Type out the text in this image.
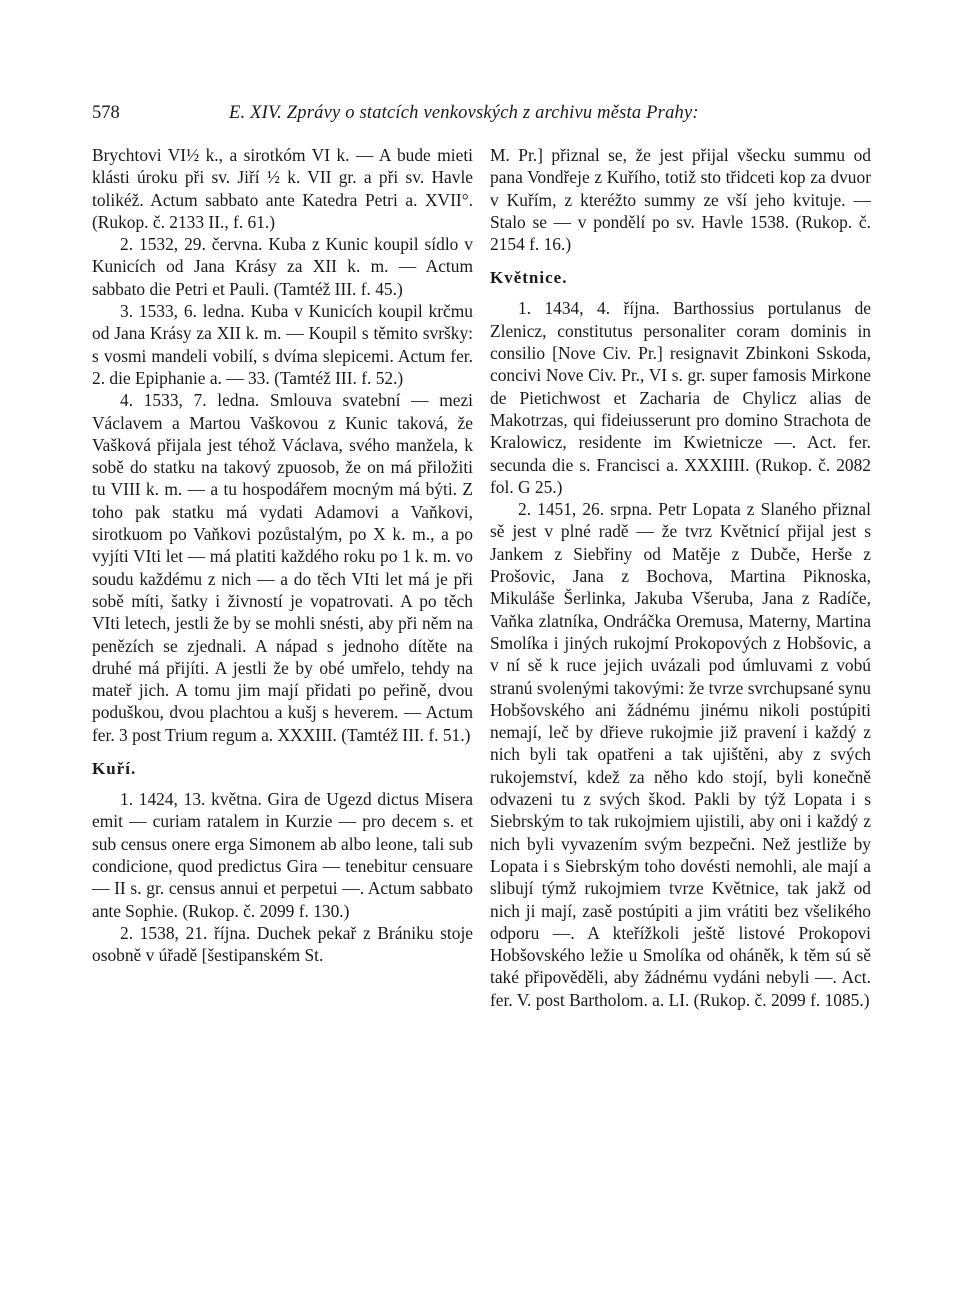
578	E. XIV. Zprávy o statcích venkovských z archivu města Prahy:

Brychtovi VI½ k., a sirotkóm VI k. — A bude mieti klásti úroku při sv. Jiří ½ k. VII gr. a při sv. Havle tolikéž. Actum sabbato ante Katedra Petri a. XVII°. (Rukop. č. 2133 II., f. 61.)

2. 1532, 29. června. Kuba z Kunic koupil sídlo v Kunicích od Jana Krásy za XII k. m. — Actum sabbato die Petri et Pauli. (Tamtéž III. f. 45.)

3. 1533, 6. ledna. Kuba v Kunicích koupil krčmu od Jana Krásy za XII k. m. — Koupil s těmito svršky: s vosmi mandeli vobilí, s dvíma slepicemi. Actum fer. 2. die Epiphanie a. — 33. (Tamtéž III. f. 52.)

4. 1533, 7. ledna. Smlouva svatební — mezi Václavem a Martou Vaškovou z Kunic taková, že Vašková přijala jest téhož Václava, svého manžela, k sobě do statku na takový zpuosob, že on má přiložiti tu VIII k. m. — a tu hospodářem mocným má býti. Z toho pak statku má vydati Adamovi a Vaňkovi, sirotkuom po Vaňkovi pozůstalým, po X k. m., a po vyjíti VIti let — má platiti každého roku po 1 k. m. vo soudu každému z nich — a do těch VIti let má je při sobě míti, šatky i živností je vopatrovati. A po těch VIti letech, jestli že by se mohli snésti, aby při něm na penězích se zjednali. A nápad s jednoho dítěte na druhé má přijíti. A jestli že by obé umřelo, tehdy na mateř jich. A tomu jim mají přidati po peřině, dvou poduškou, dvou plachtou a kušj s heverem. — Actum fer. 3 post Trium regum a. XXXIII. (Tamtéž III. f. 51.)

Kuří.

1. 1424, 13. května. Gira de Ugezd dictus Misera emit — curiam ratalem in Kurzie — pro decem s. et sub census onere erga Simonem ab albo leone, tali sub condicione, quod predictus Gira — tenebitur censuare — II s. gr. census annui et perpetui —. Actum sabbato ante Sophie. (Rukop. č. 2099 f. 130.)

2. 1538, 21. října. Duchek pekař z Brániku stoje osobně v úřadě [šestipanském St.

M. Pr.] přiznal se, že jest přijal všecku summu od pana Vondřeje z Kuřího, totiž sto třidceti kop za dvuor v Kuřím, z kteréžto summy ze vší jeho kvituje. — Stalo se — v pondělí po sv. Havle 1538. (Rukop. č. 2154 f. 16.)

Květnice.

1. 1434, 4. října. Barthossius portulanus de Zlenicz, constitutus personaliter coram dominis in consilio [Nove Civ. Pr.] resignavit Zbinkoni Sskoda, concivi Nove Civ. Pr., VI s. gr. super famosis Mirkone de Pietichwost et Zacharia de Chylicz alias de Makotrzas, qui fideiusserunt pro domino Strachota de Kralowicz, residente im Kwietnicze —. Act. fer. secunda die s. Francisci a. XXXIIII. (Rukop. č. 2082 fol. G 25.)

2. 1451, 26. srpna. Petr Lopata z Slaného přiznal sě jest v plné radě — že tvrz Květnicí přijal jest s Jankem z Siebřiny od Matěje z Dubče, Herše z Prošovic, Jana z Bochova, Martina Piknoska, Mikuláše Šerlinka, Jakuba Všeruba, Jana z Radíče, Vaňka zlatníka, Ondráčka Oremusa, Materny, Martina Smolíka i jiných rukojmí Prokopových z Hobšovic, a v ní sě k ruce jejich uvázali pod úmluvami z vobú stranú svolenými takovými: že tvrze svrchupsané synu Hobšovského ani žádnému jinému nikoli postúpiti nemají, leč by dřieve rukojmie již pravení i každý z nich byli tak opatřeni a tak ujištěni, aby z svých rukojemství, kdež za něho kdo stojí, byli konečně odvazeni tu z svých škod. Pakli by týž Lopata i s Siebrským to tak rukojmiem ujistili, aby oni i každý z nich byli vyvazením svým bezpečni. Než jestliže by Lopata i s Siebrským toho dovésti nemohli, ale mají a slibují týmž rukojmiem tvrze Květnice, tak jakž od nich ji mají, zasě postúpiti a jim vrátiti bez všelikého odporu —. A kteřížkoli ještě listové Prokopovi Hobšovského ležie u Smolíka od oháněk, k těm sú sě také připověděli, aby žádnému vydáni nebyli —. Act. fer. V. post Bartholom. a. LI. (Rukop. č. 2099 f. 1085.)
